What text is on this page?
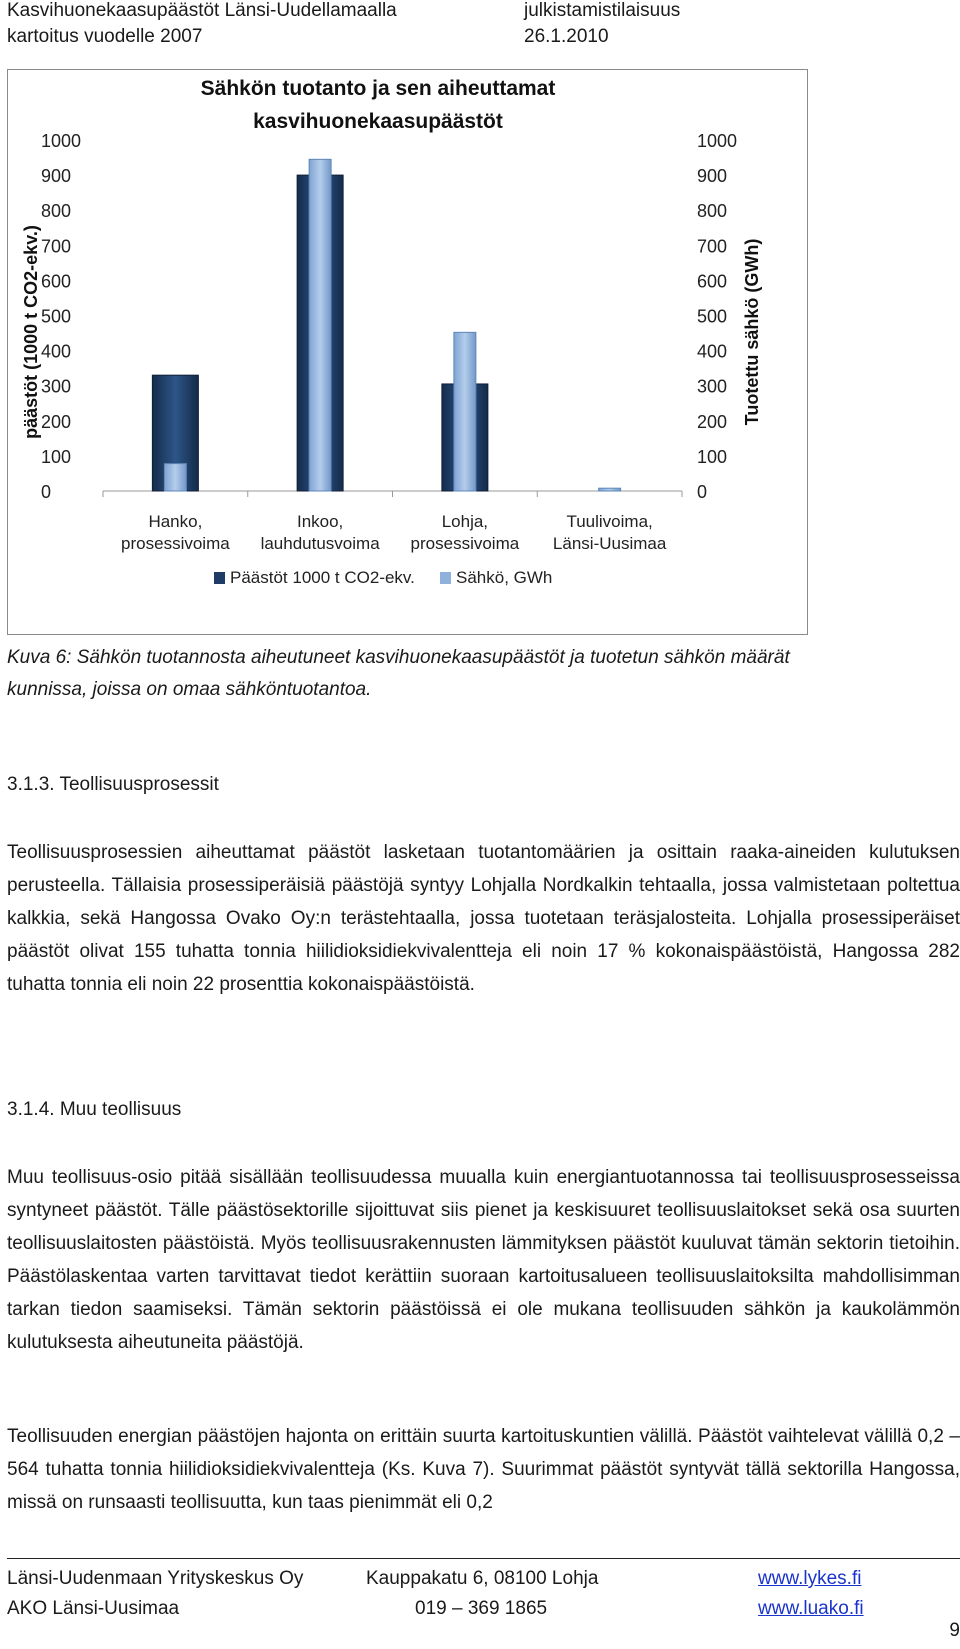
Kasvihuonekaasupäästöt Länsi-Uudellamaalla
kartoitus vuodelle 2007
julkistamistilaisuus
26.1.2010
Sähkön tuotanto ja sen aiheuttamat
kasvihuonekaasupäästöt
0	0
100	100
200	200
300	300
400	400
500	500
600	600
700	700
800	800
900	900
1000	1000
päästöt (1000 t CO2-ekv.)	Tuotettu sähkö (GWh)
Hanko,
prosessivoima
Inkoo,
lauhdutusvoima
Lohja,
prosessivoima
Tuulivoima,
Länsi-Uusimaa
Päästöt 1000 t CO2-ekv. Sähkö, GWh
Kuva 6: Sähkön tuotannosta aiheutuneet kasvihuonekaasupäästöt ja tuotetun sähkön määrät
kunnissa, joissa on omaa sähköntuotantoa.
3.1.3. Teollisuusprosessit
Teollisuusprosessien aiheuttamat päästöt lasketaan tuotantomäärien ja osittain raaka-aineiden kulutuksen perusteella. Tällaisia prosessiperäisiä päästöjä syntyy Lohjalla Nordkalkin tehtaalla, jossa valmistetaan poltettua kalkkia, sekä Hangossa Ovako Oy:n terästehtaalla, jossa tuotetaan teräsjalosteita. Lohjalla prosessiperäiset päästöt olivat 155 tuhatta tonnia hiilidioksidiekvivalentteja eli noin 17 % kokonaispäästöistä, Hangossa 282 tuhatta tonnia eli noin 22 prosenttia kokonaispäästöistä.
3.1.4. Muu teollisuus
Muu teollisuus-osio pitää sisällään teollisuudessa muualla kuin energiantuotannossa tai teollisuusprosesseissa syntyneet päästöt. Tälle päästösektorille sijoittuvat siis pienet ja keskisuuret teollisuuslaitokset sekä osa suurten teollisuuslaitosten päästöistä. Myös teollisuusrakennusten lämmityksen päästöt kuuluvat tämän sektorin tietoihin. Päästölaskentaa varten tarvittavat tiedot kerättiin suoraan kartoitusalueen teollisuuslaitoksilta mahdollisimman tarkan tiedon saamiseksi. Tämän sektorin päästöissä ei ole mukana teollisuuden sähkön ja kaukolämmön kulutuksesta aiheutuneita päästöjä.
Teollisuuden energian päästöjen hajonta on erittäin suurta kartoituskuntien välillä. Päästöt vaihtelevat välillä 0,2 – 564 tuhatta tonnia hiilidioksidiekvivalentteja (Ks. Kuva 7). Suurimmat päästöt syntyvät tällä sektorilla Hangossa, missä on runsaasti teollisuutta, kun taas pienimmät eli 0,2
Länsi-Uudenmaan Yrityskeskus Oy	Kauppakatu 6, 08100 Lohja	www.lykes.fi
AKO Länsi-Uusimaa	019 – 369 1865	www.luako.fi
9
